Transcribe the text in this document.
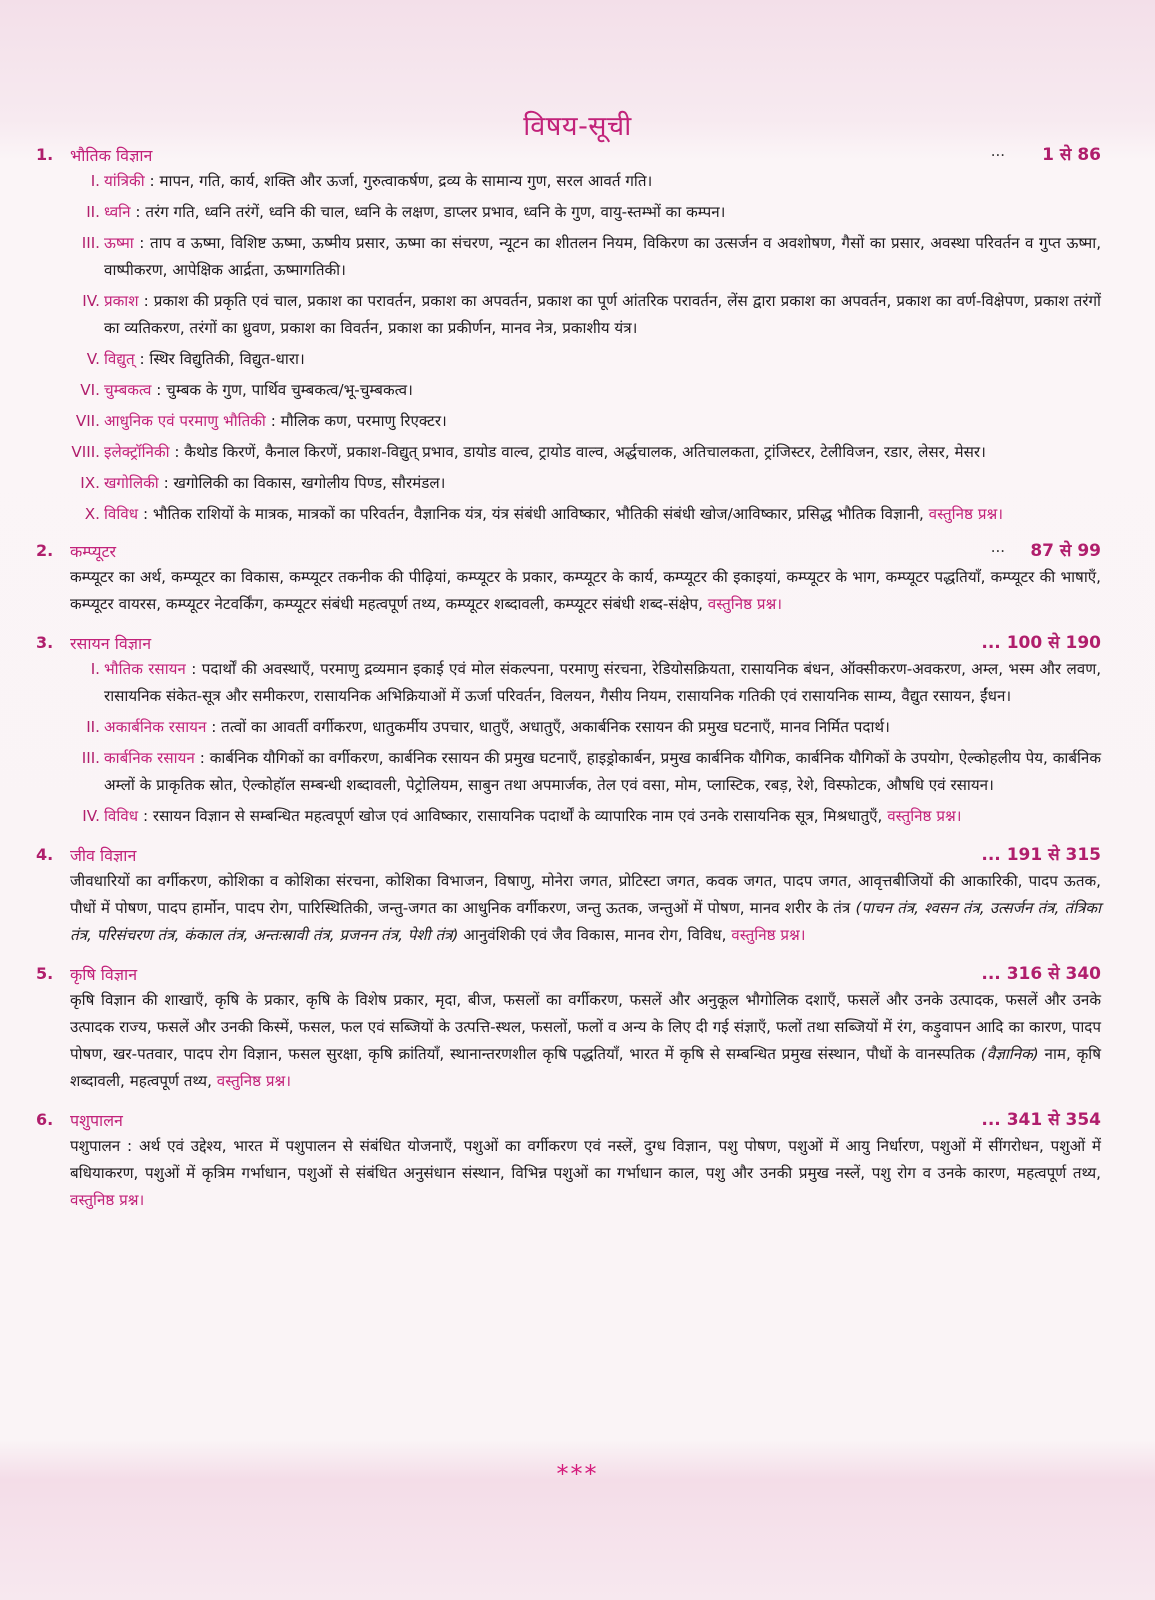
विषय-सूची
1. भौतिक विज्ञान	... 1 से 86
I. यांत्रिकी : मापन, गति, कार्य, शक्ति और ऊर्जा, गुरुत्वाकर्षण, द्रव्य के सामान्य गुण, सरल आवर्त गति।
II. ध्वनि : तरंग गति, ध्वनि तरंगें, ध्वनि की चाल, ध्वनि के लक्षण, डाप्लर प्रभाव, ध्वनि के गुण, वायु-स्तम्भों का कम्पन।
III. ऊष्मा : ताप व ऊष्मा, विशिष्ट ऊष्मा, ऊष्मीय प्रसार, ऊष्मा का संचरण, न्यूटन का शीतलन नियम, विकिरण का उत्सर्जन व अवशोषण, गैसों का प्रसार, अवस्था परिवर्तन व गुप्त ऊष्मा, वाष्पीकरण, आपेक्षिक आर्द्रता, ऊष्मागतिकी।
IV. प्रकाश : प्रकाश की प्रकृति एवं चाल, प्रकाश का परावर्तन, प्रकाश का अपवर्तन, प्रकाश का पूर्ण आंतरिक परावर्तन, लेंस द्वारा प्रकाश का अपवर्तन, प्रकाश का वर्ण-विक्षेपण, प्रकाश तरंगों का व्यतिकरण, तरंगों का ध्रुवण, प्रकाश का विवर्तन, प्रकाश का प्रकीर्णन, मानव नेत्र, प्रकाशीय यंत्र।
V. विद्युत् : स्थिर विद्युतिकी, विद्युत-धारा।
VI. चुम्बकत्व : चुम्बक के गुण, पार्थिव चुम्बकत्व/भू-चुम्बकत्व।
VII. आधुनिक एवं परमाणु भौतिकी : मौलिक कण, परमाणु रिएक्टर।
VIII. इलेक्ट्रॉनिकी : कैथोड किरणें, कैनाल किरणें, प्रकाश-विद्युत् प्रभाव, डायोड वाल्व, ट्रायोड वाल्व, अर्द्धचालक, अतिचालकता, ट्रांजिस्टर, टेलीविजन, रडार, लेसर, मेसर।
IX. खगोलिकी : खगोलिकी का विकास, खगोलीय पिण्ड, सौरमंडल।
X. विविध : भौतिक राशियों के मात्रक, मात्रकों का परिवर्तन, वैज्ञानिक यंत्र, यंत्र संबंधी आविष्कार, भौतिकी संबंधी खोज/आविष्कार, प्रसिद्ध भौतिक विज्ञानी, वस्तुनिष्ठ प्रश्न।
2. कम्प्यूटर	... 87 से 99
कम्प्यूटर का अर्थ, कम्प्यूटर का विकास, कम्प्यूटर तकनीक की पीढ़ियां, कम्प्यूटर के प्रकार, कम्प्यूटर के कार्य, कम्प्यूटर की इकाइयां, कम्प्यूटर के भाग, कम्प्यूटर पद्धतियाँ, कम्प्यूटर की भाषाएँ, कम्प्यूटर वायरस, कम्प्यूटर नेटवर्किंग, कम्प्यूटर संबंधी महत्वपूर्ण तथ्य, कम्प्यूटर शब्दावली, कम्प्यूटर संबंधी शब्द-संक्षेप, वस्तुनिष्ठ प्रश्न।
3. रसायन विज्ञान	... 100 से 190
I. भौतिक रसायन : पदार्थों की अवस्थाएँ, परमाणु द्रव्यमान इकाई एवं मोल संकल्पना, परमाणु संरचना, रेडियोसक्रियता, रासायनिक बंधन, ऑक्सीकरण-अवकरण, अम्ल, भस्म और लवण, रासायनिक संकेत-सूत्र और समीकरण, रासायनिक अभिक्रियाओं में ऊर्जा परिवर्तन, विलयन, गैसीय नियम, रासायनिक गतिकी एवं रासायनिक साम्य, वैद्युत रसायन, ईंधन।
II. अकार्बनिक रसायन : तत्वों का आवर्ती वर्गीकरण, धातुकर्मीय उपचार, धातुएँ, अधातुएँ, अकार्बनिक रसायन की प्रमुख घटनाएँ, मानव निर्मित पदार्थ।
III. कार्बनिक रसायन : कार्बनिक यौगिकों का वर्गीकरण, कार्बनिक रसायन की प्रमुख घटनाएँ, हाइड्रोकार्बन, प्रमुख कार्बनिक यौगिक, कार्बनिक यौगिकों के उपयोग, ऐल्कोहलीय पेय, कार्बनिक अम्लों के प्राकृतिक स्रोत, ऐल्कोहॉल सम्बन्धी शब्दावली, पेट्रोलियम, साबुन तथा अपमार्जक, तेल एवं वसा, मोम, प्लास्टिक, रबड़, रेशे, विस्फोटक, औषधि एवं रसायन।
IV. विविध : रसायन विज्ञान से सम्बन्धित महत्वपूर्ण खोज एवं आविष्कार, रासायनिक पदार्थों के व्यापारिक नाम एवं उनके रासायनिक सूत्र, मिश्रधातुएँ, वस्तुनिष्ठ प्रश्न।
4. जीव विज्ञान	... 191 से 315
जीवधारियों का वर्गीकरण, कोशिका व कोशिका संरचना, कोशिका विभाजन, विषाणु, मोनेरा जगत, प्रोटिस्टा जगत, कवक जगत, पादप जगत, आवृत्तबीजियों की आकारिकी, पादप ऊतक, पौधों में पोषण, पादप हार्मोन, पादप रोग, पारिस्थितिकी, जन्तु-जगत का आधुनिक वर्गीकरण, जन्तु ऊतक, जन्तुओं में पोषण, मानव शरीर के तंत्र (पाचन तंत्र, श्वसन तंत्र, उत्सर्जन तंत्र, तंत्रिका तंत्र, परिसंचरण तंत्र, कंकाल तंत्र, अन्तःस्रावी तंत्र, प्रजनन तंत्र, पेशी तंत्र) आनुवंशिकी एवं जैव विकास, मानव रोग, विविध, वस्तुनिष्ठ प्रश्न।
5. कृषि विज्ञान	... 316 से 340
कृषि विज्ञान की शाखाएँ, कृषि के प्रकार, कृषि के विशेष प्रकार, मृदा, बीज, फसलों का वर्गीकरण, फसलें और अनुकूल भौगोलिक दशाएँ, फसलें और उनके उत्पादक, फसलें और उनके उत्पादक राज्य, फसलें और उनकी किस्में, फसल, फल एवं सब्जियों के उत्पत्ति-स्थल, फसलों, फलों व अन्य के लिए दी गई संज्ञाएँ, फलों तथा सब्जियों में रंग, कड़ुवापन आदि का कारण, पादप पोषण, खर-पतवार, पादप रोग विज्ञान, फसल सुरक्षा, कृषि क्रांतियाँ, स्थानान्तरणशील कृषि पद्धतियाँ, भारत में कृषि से सम्बन्धित प्रमुख संस्थान, पौधों के वानस्पतिक (वैज्ञानिक) नाम, कृषि शब्दावली, महत्वपूर्ण तथ्य, वस्तुनिष्ठ प्रश्न।
6. पशुपालन	... 341 से 354
पशुपालन : अर्थ एवं उद्देश्य, भारत में पशुपालन से संबंधित योजनाएँ, पशुओं का वर्गीकरण एवं नस्लें, दुग्ध विज्ञान, पशु पोषण, पशुओं में आयु निर्धारण, पशुओं में सींगरोधन, पशुओं में बधियाकरण, पशुओं में कृत्रिम गर्भाधान, पशुओं से संबंधित अनुसंधान संस्थान, विभिन्न पशुओं का गर्भाधान काल, पशु और उनकी प्रमुख नस्लें, पशु रोग व उनके कारण, महत्वपूर्ण तथ्य, वस्तुनिष्ठ प्रश्न।
***
